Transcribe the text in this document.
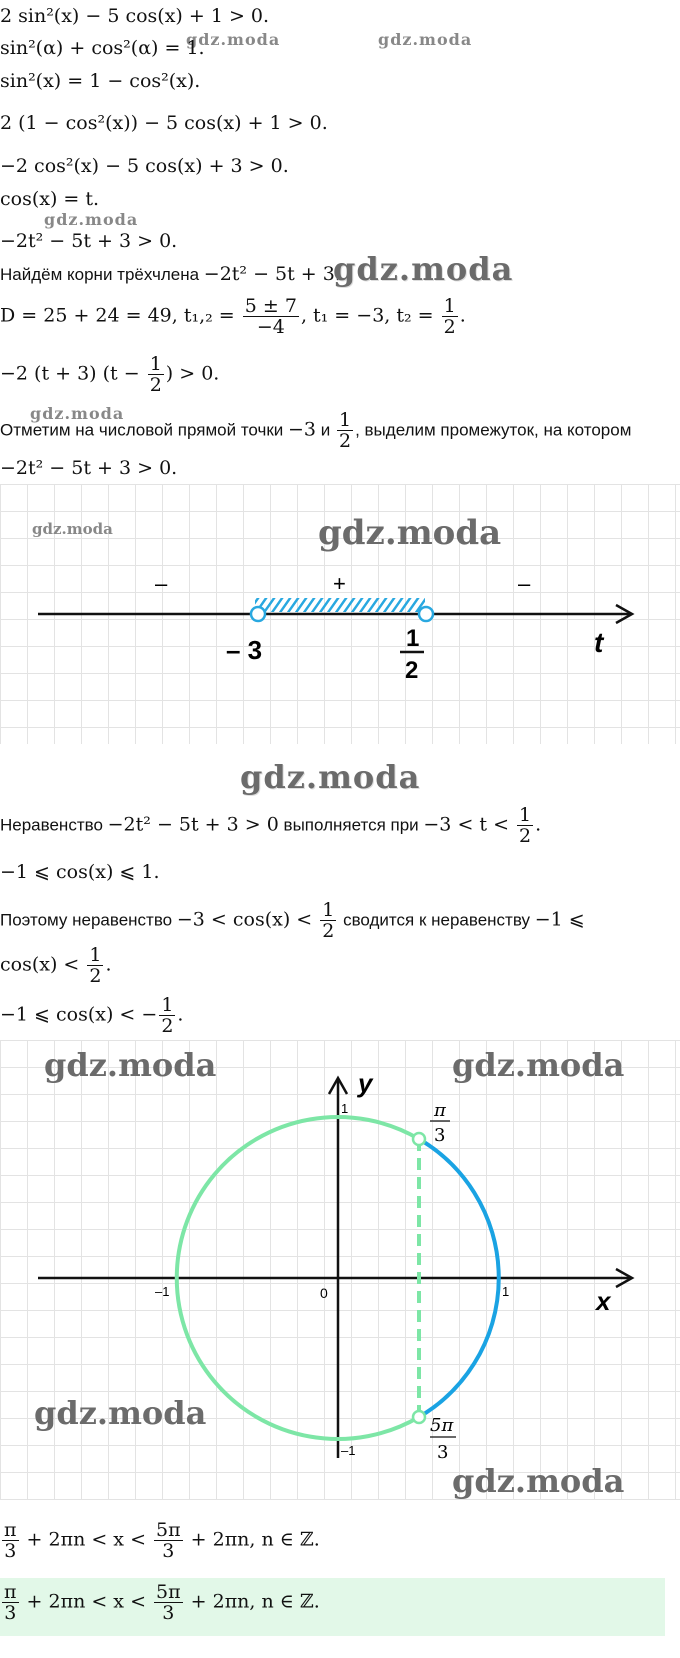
gdz.moda	gdz.moda
gdz.moda
gdz.moda
2 sin²(x) − 5 cos(x) + 1 > 0.
sin²(α) + cos²(α) = 1.
sin²(x) = 1 − cos²(x).
2 (1 − cos²(x)) − 5 cos(x) + 1 > 0.
−2 cos²(x) − 5 cos(x) + 3 > 0.
cos(x) = t.
−2t² − 5t + 3 > 0.
Найдём корни трёхчлена −2t² − 5t + 3.
gdz.moda
D = 25 + 24 = 49, $t_1,_2 = \frac{5 \pm 7}{-4}$ , t₁ = −3, $t_2 = \frac{1}{2}$ .
−2 (t + 3) ($t - \frac{1}{2}$ ) > 0.
Отметим на числовой прямой точки −3 и $\frac{1}{2}$ , выделим промежуток, на котором
−2t² − 5t + 3 > 0.
–	+	–
– 3	1
2
t
gdz.moda
gdz.moda
gdz.moda
Неравенство −2t² − 5t + 3 > 0 выполняется при $-3 < t < \frac{1}{2}$ .
−1 ⩽ cos(x) ⩽ 1.
Поэтому неравенство $-3 < \cos(x) < \frac{1}{2}$ сводится к неравенству −1 ⩽
$\cos(x) < \frac{1}{2}$ .
−1 ⩽ cos(x) < − $\frac{1}{2}$ .
y
x
1
–1
1
–1	0
π
3
5π
3
gdz.moda	gdz.moda
gdz.moda
gdz.moda
$\frac{\pi}{3} + 2\pi n < x < \frac{5\pi}{3} + 2\pi n$, n ∈ ℤ.
$\frac{\pi}{3} + 2\pi n < x < \frac{5\pi}{3} + 2\pi n$, n ∈ ℤ.
